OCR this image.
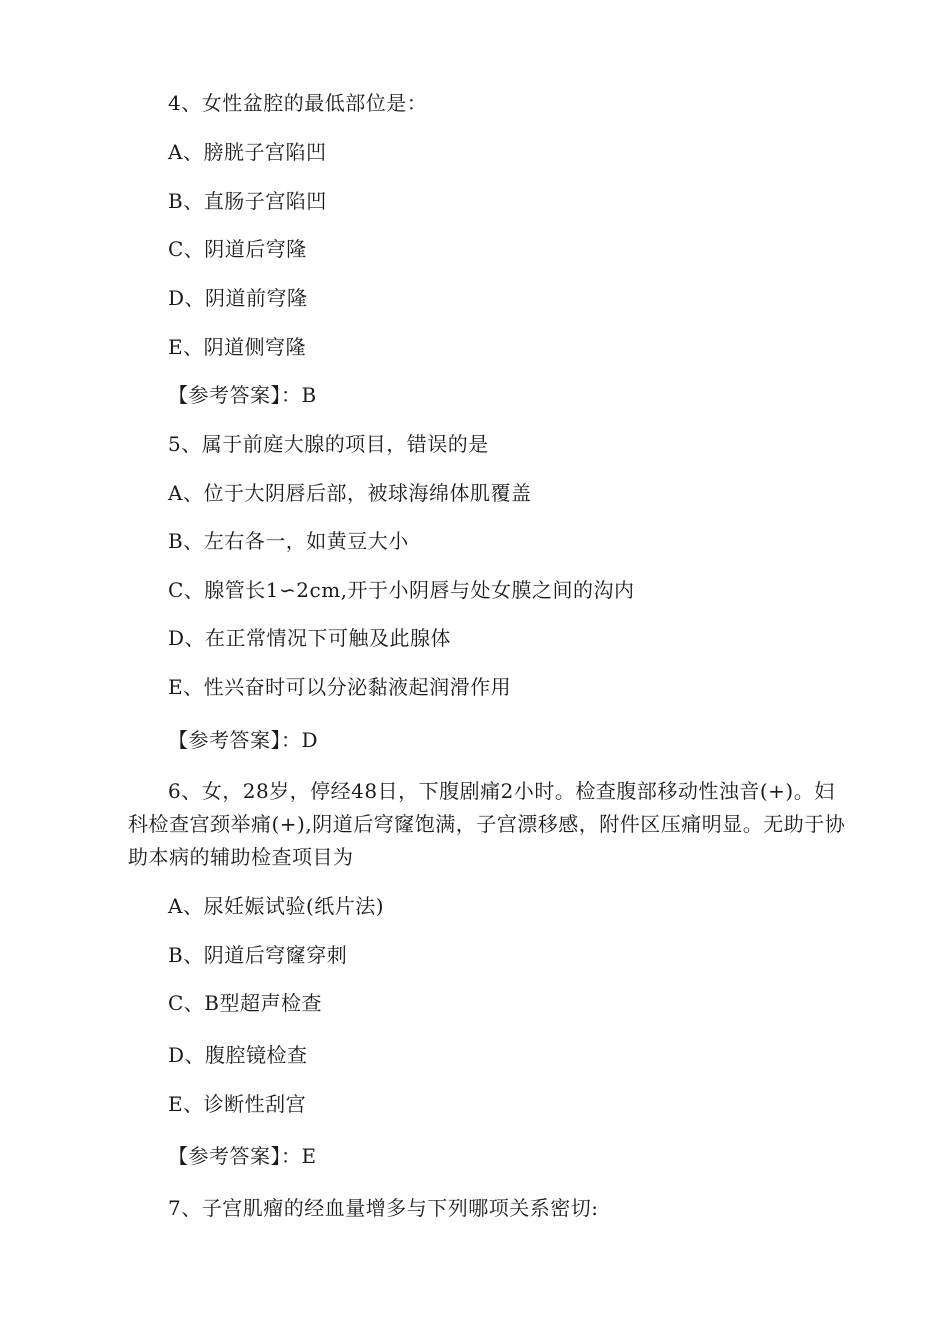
4、女性盆腔的最低部位是：
A、膀胱子宫陷凹
B、直肠子宫陷凹
C、阴道后穹隆
D、阴道前穹隆
E、阴道侧穹隆
【参考答案】：B
5、属于前庭大腺的项目，错误的是
A、位于大阴唇后部，被球海绵体肌覆盖
B、左右各一，如黄豆大小
C、腺管长1∽2cm,开于小阴唇与处女膜之间的沟内
D、在正常情况下可触及此腺体
E、性兴奋时可以分泌黏液起润滑作用
【参考答案】：D
6、女，28岁，停经48日，下腹剧痛2小时。检查腹部移动性浊音(+)。妇科检查宫颈举痛(+),阴道后穹窿饱满，子宫漂移感，附件区压痛明显。无助于协助本病的辅助检查项目为
A、尿妊娠试验(纸片法)
B、阴道后穹窿穿刺
C、B型超声检查
D、腹腔镜检查
E、诊断性刮宫
【参考答案】：E
7、子宫肌瘤的经血量增多与下列哪项关系密切:
